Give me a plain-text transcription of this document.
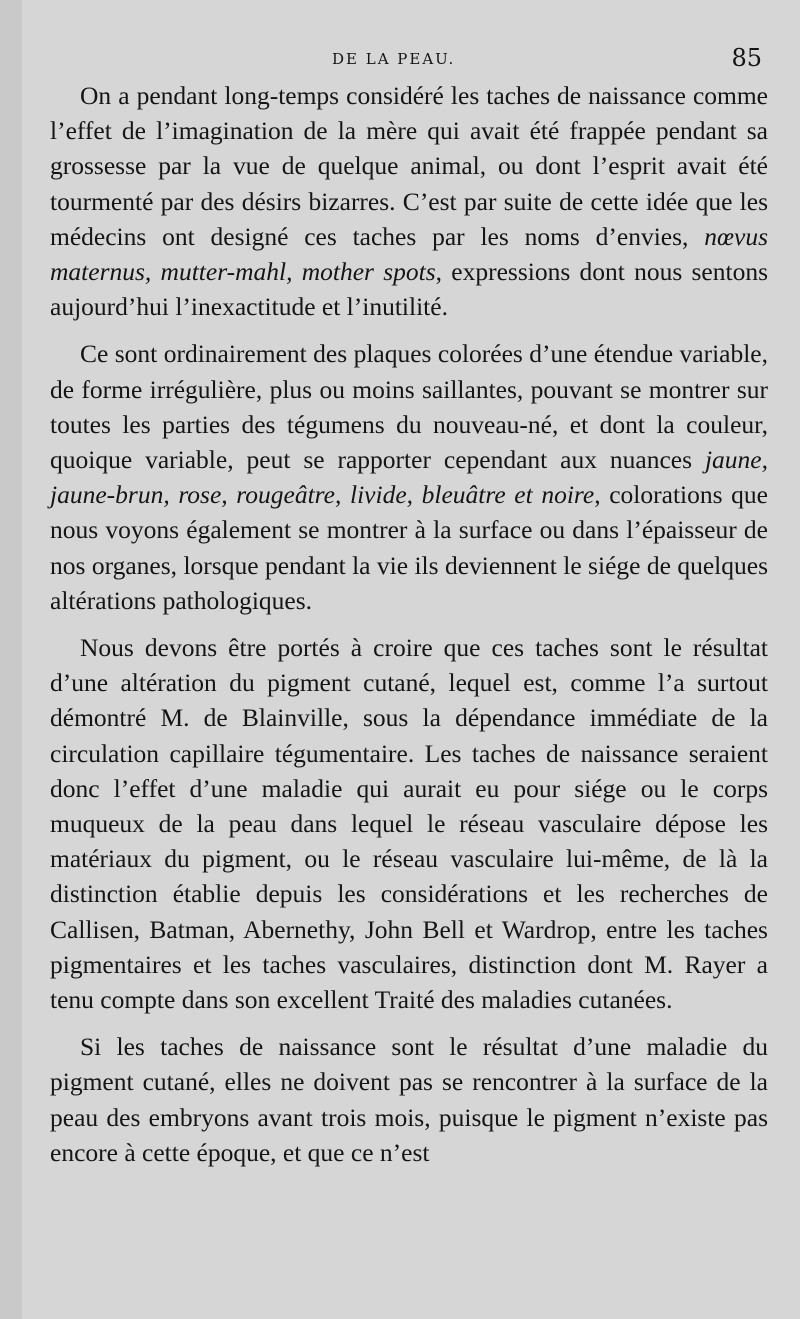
DE LA PEAU.	85

On a pendant long-temps considéré les taches de naissance comme l’effet de l’imagination de la mère qui avait été frappée pendant sa grossesse par la vue de quelque animal, ou dont l’esprit avait été tourmenté par des désirs bizarres. C’est par suite de cette idée que les médecins ont designé ces taches par les noms d’envies, nœvus maternus, mutter-mahl, mother spots, expressions dont nous sentons aujourd’hui l’inexactitude et l’inutilité.

Ce sont ordinairement des plaques colorées d’une étendue variable, de forme irrégulière, plus ou moins saillantes, pouvant se montrer sur toutes les parties des tégumens du nouveau-né, et dont la couleur, quoique variable, peut se rapporter cependant aux nuances jaune, jaune-brun, rose, rougeâtre, livide, bleuâtre et noire, colorations que nous voyons également se montrer à la surface ou dans l’épaisseur de nos organes, lorsque pendant la vie ils deviennent le siége de quelques altérations pathologiques.

Nous devons être portés à croire que ces taches sont le résultat d’une altération du pigment cutané, lequel est, comme l’a surtout démontré M. de Blainville, sous la dépendance immédiate de la circulation capillaire tégumentaire. Les taches de naissance seraient donc l’effet d’une maladie qui aurait eu pour siége ou le corps muqueux de la peau dans lequel le réseau vasculaire dépose les matériaux du pigment, ou le réseau vasculaire lui-même, de là la distinction établie depuis les considérations et les recherches de Callisen, Batman, Abernethy, John Bell et Wardrop, entre les taches pigmentaires et les taches vasculaires, distinction dont M. Rayer a tenu compte dans son excellent Traité des maladies cutanées.

Si les taches de naissance sont le résultat d’une maladie du pigment cutané, elles ne doivent pas se rencontrer à la surface de la peau des embryons avant trois mois, puisque le pigment n’existe pas encore à cette époque, et que ce n’est
